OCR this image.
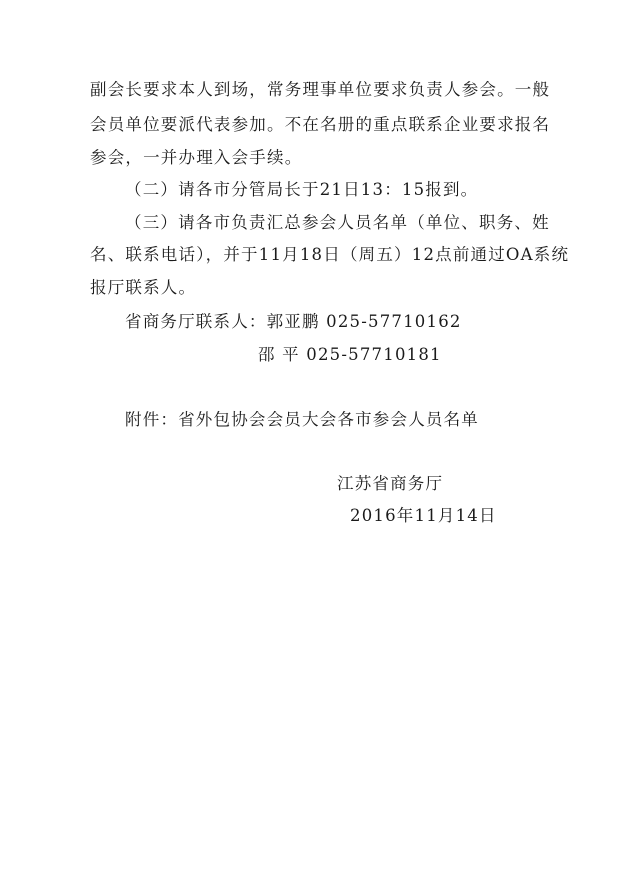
副会长要求本人到场，常务理事单位要求负责人参会。一般
会员单位要派代表参加。不在名册的重点联系企业要求报名
参会，一并办理入会手续。
（二）请各市分管局长于21日13：15报到。
（三）请各市负责汇总参会人员名单（单位、职务、姓
名、联系电话），并于11月18日（周五）12点前通过OA系统
报厅联系人。
省商务厅联系人：郭亚鹏 025-57710162
邵 平 025-57710181
附件：省外包协会会员大会各市参会人员名单
江苏省商务厅
2016年11月14日
